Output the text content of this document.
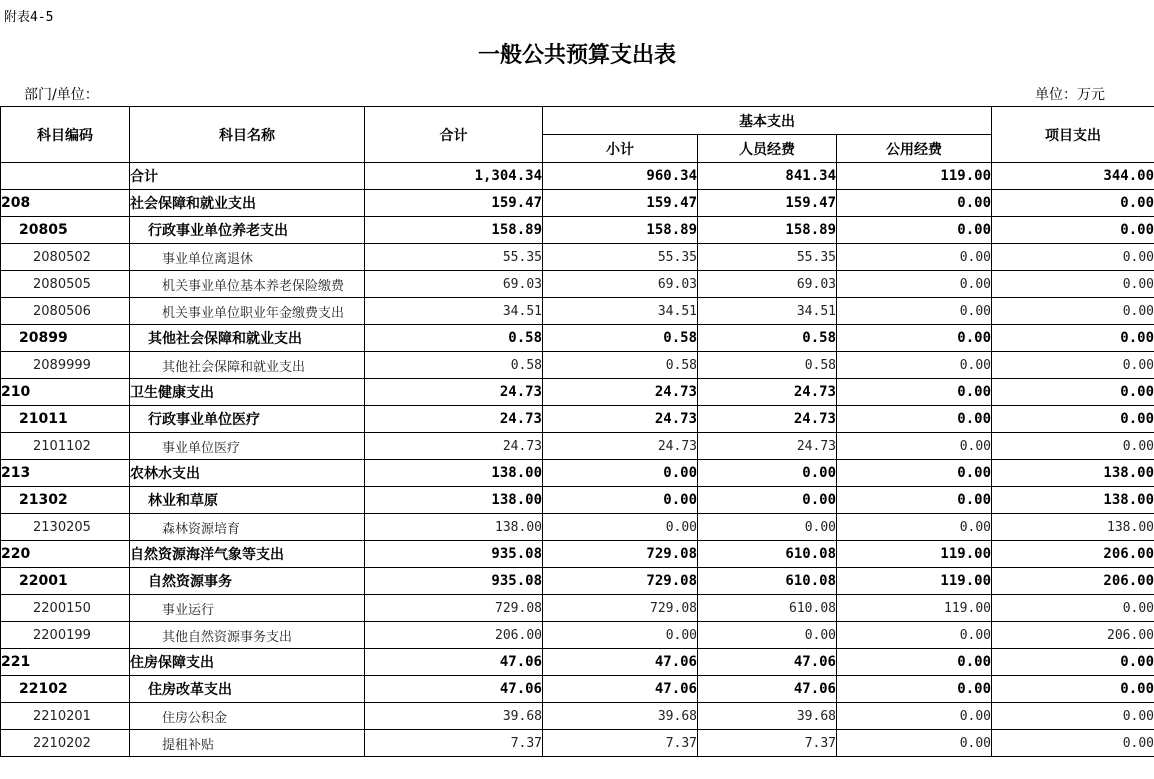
附表4-5
一般公共预算支出表
部门/单位：	单位：万元
科目编码	科目名称	合计	基本支出			项目支出
			小计	人员经费	公用经费	
	合计	1,304.34	960.34	841.34	119.00	344.00
208	社会保障和就业支出	159.47	159.47	159.47	0.00	0.00
20805	行政事业单位养老支出	158.89	158.89	158.89	0.00	0.00
2080502	事业单位离退休	55.35	55.35	55.35	0.00	0.00
2080505	机关事业单位基本养老保险缴费	69.03	69.03	69.03	0.00	0.00
2080506	机关事业单位职业年金缴费支出	34.51	34.51	34.51	0.00	0.00
20899	其他社会保障和就业支出	0.58	0.58	0.58	0.00	0.00
2089999	其他社会保障和就业支出	0.58	0.58	0.58	0.00	0.00
210	卫生健康支出	24.73	24.73	24.73	0.00	0.00
21011	行政事业单位医疗	24.73	24.73	24.73	0.00	0.00
2101102	事业单位医疗	24.73	24.73	24.73	0.00	0.00
213	农林水支出	138.00	0.00	0.00	0.00	138.00
21302	林业和草原	138.00	0.00	0.00	0.00	138.00
2130205	森林资源培育	138.00	0.00	0.00	0.00	138.00
220	自然资源海洋气象等支出	935.08	729.08	610.08	119.00	206.00
22001	自然资源事务	935.08	729.08	610.08	119.00	206.00
2200150	事业运行	729.08	729.08	610.08	119.00	0.00
2200199	其他自然资源事务支出	206.00	0.00	0.00	0.00	206.00
221	住房保障支出	47.06	47.06	47.06	0.00	0.00
22102	住房改革支出	47.06	47.06	47.06	0.00	0.00
2210201	住房公积金	39.68	39.68	39.68	0.00	0.00
2210202	提租补贴	7.37	7.37	7.37	0.00	0.00
